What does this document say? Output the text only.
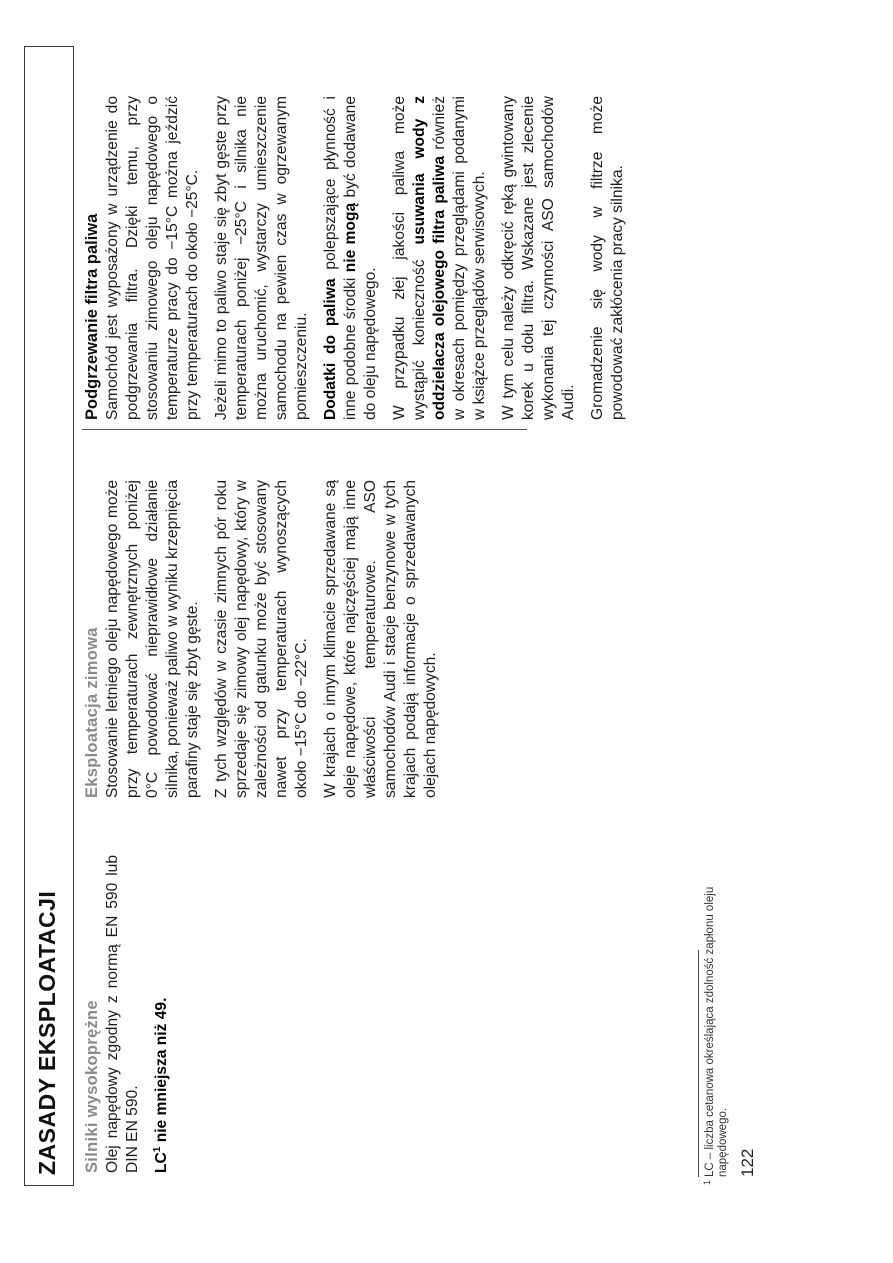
ZASADY EKSPLOATACJI Silniki wysokoprężne Olej napędowy zgodny z normą EN 590 lub DIN EN 590. $LC^1$ nie mniejsza niż 49.
Eksploatacja zimowa Stosowanie letniego oleju napędowego może przy temperaturach zewnętrznych poniżej 0°C powodować nieprawidłowe działanie silnika, ponieważ paliwo w wyniku krzepnięcia parafiny staje się zbyt gęste. Z tych względów w czasie zimnych pór roku sprzedaje się zimowy olej napędowy, który w zależności od gatunku może być stosowany nawet przy temperaturach wynoszących około −15°C do −22°C. W krajach o innym klimacie sprzedawane są oleje napędowe, które najczęściej mają inne właściwości temperaturowe. ASO samochodów Audi i stacje benzynowe w tych krajach podają informacje o sprzedawanych olejach napędowych.
Podgrzewanie filtra paliwa Samochód jest wyposażony w urządzenie do podgrzewania filtra. Dzięki temu, przy stosowaniu zimowego oleju napędowego o temperaturze pracy do −15°C można jeździć przy temperaturach do około −25°C. Jeżeli mimo to paliwo staje się zbyt gęste przy temperaturach poniżej −25°C i silnika nie można uruchomić, wystarczy umieszczenie samochodu na pewien czas w ogrzewanym pomieszczeniu. Dodatki do paliwa polepszające płynność i inne podobne środki nie mogą być dodawane do oleju napędowego. W przypadku złej jakości paliwa może wystąpić konieczność usuwania wody z oddzielacza olejowego filtra paliwa również w okresach pomiędzy przeglądami podanymi w książce przeglądów serwisowych. W tym celu należy odkręcić ręką gwintowany korek u dołu filtra. Wskazane jest zlecenie wykonania tej czynności ASO samochodów Audi. Gromadzenie się wody w filtrze może powodować zakłócenia pracy silnika.
1
LC – liczba cetanowa określająca zdolność zapłonu oleju napędowego. 122
